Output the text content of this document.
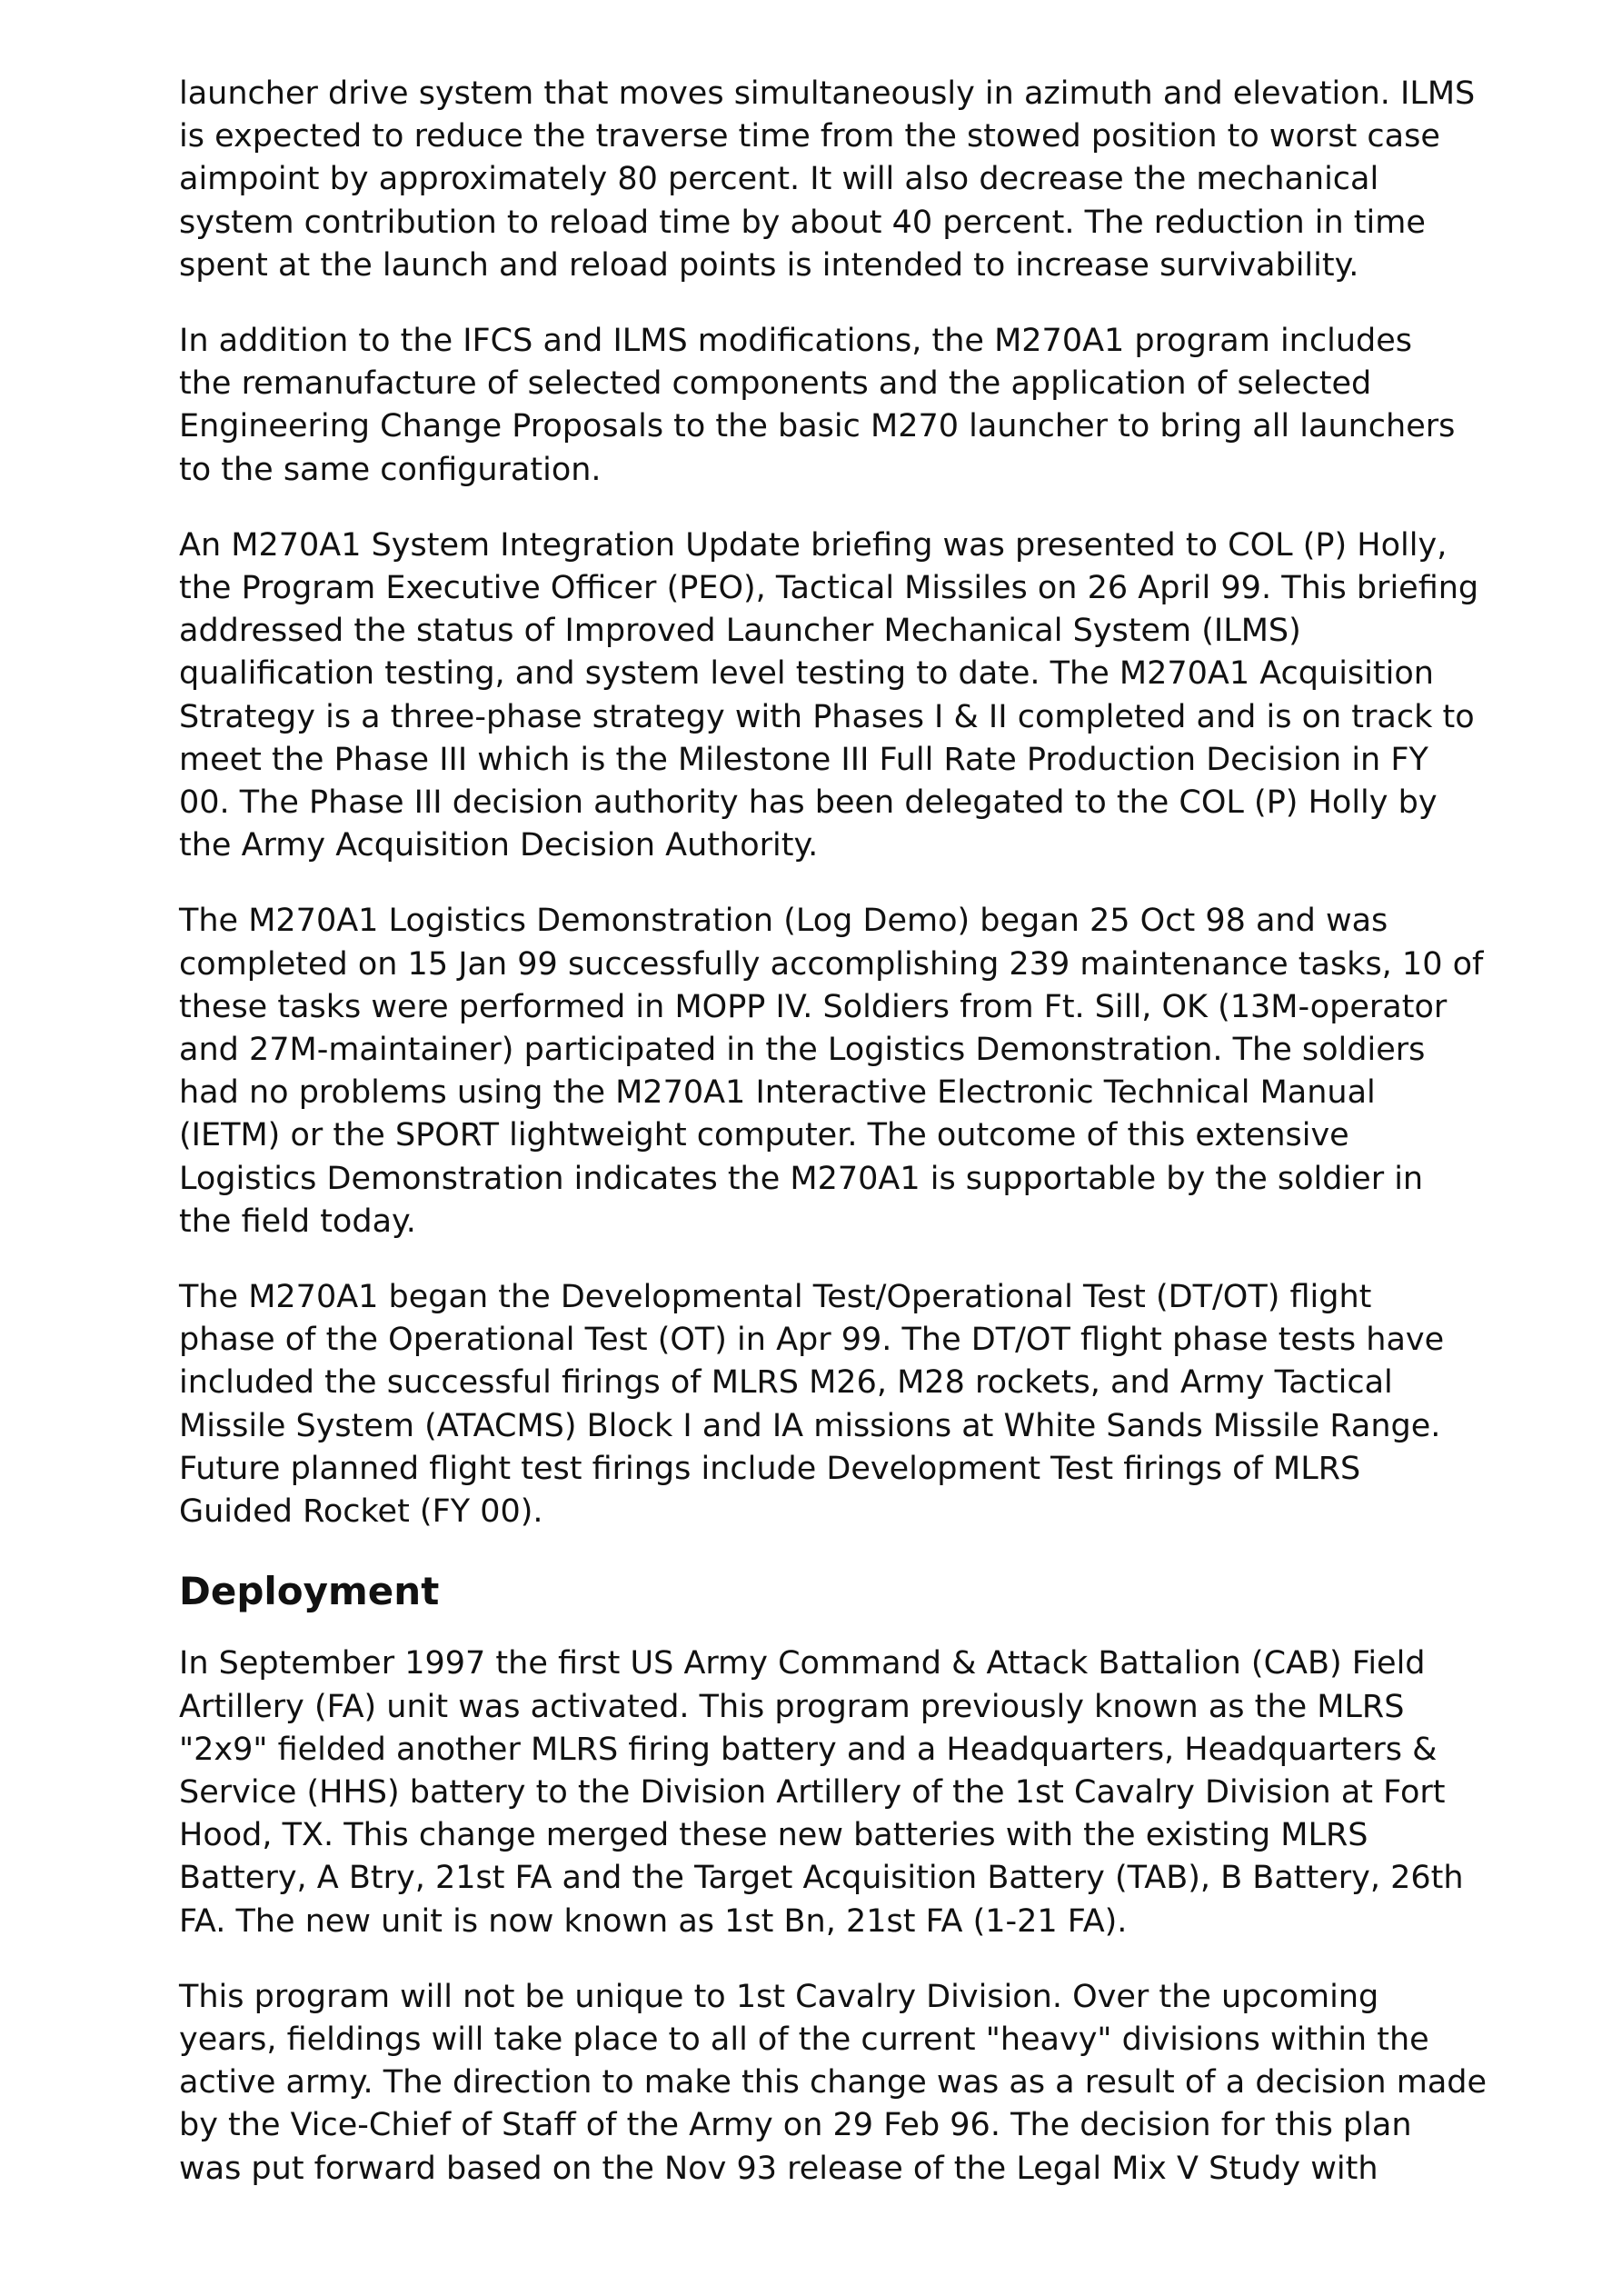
launcher drive system that moves simultaneously in azimuth and elevation. ILMS
is expected to reduce the traverse time from the stowed position to worst case
aimpoint by approximately 80 percent. It will also decrease the mechanical
system contribution to reload time by about 40 percent. The reduction in time
spent at the launch and reload points is intended to increase survivability.

In addition to the IFCS and ILMS modifications, the M270A1 program includes
the remanufacture of selected components and the application of selected
Engineering Change Proposals to the basic M270 launcher to bring all launchers
to the same configuration.

An M270A1 System Integration Update briefing was presented to COL (P) Holly,
the Program Executive Officer (PEO), Tactical Missiles on 26 April 99. This briefing
addressed the status of Improved Launcher Mechanical System (ILMS)
qualification testing, and system level testing to date. The M270A1 Acquisition
Strategy is a three-phase strategy with Phases I & II completed and is on track to
meet the Phase III which is the Milestone III Full Rate Production Decision in FY
00. The Phase III decision authority has been delegated to the COL (P) Holly by
the Army Acquisition Decision Authority.

The M270A1 Logistics Demonstration (Log Demo) began 25 Oct 98 and was
completed on 15 Jan 99 successfully accomplishing 239 maintenance tasks, 10 of
these tasks were performed in MOPP IV. Soldiers from Ft. Sill, OK (13M-operator
and 27M-maintainer) participated in the Logistics Demonstration. The soldiers
had no problems using the M270A1 Interactive Electronic Technical Manual
(IETM) or the SPORT lightweight computer. The outcome of this extensive
Logistics Demonstration indicates the M270A1 is supportable by the soldier in
the field today.

The M270A1 began the Developmental Test/Operational Test (DT/OT) flight
phase of the Operational Test (OT) in Apr 99. The DT/OT flight phase tests have
included the successful firings of MLRS M26, M28 rockets, and Army Tactical
Missile System (ATACMS) Block I and IA missions at White Sands Missile Range.
Future planned flight test firings include Development Test firings of MLRS
Guided Rocket (FY 00).

Deployment

In September 1997 the first US Army Command & Attack Battalion (CAB) Field
Artillery (FA) unit was activated. This program previously known as the MLRS
"2x9" fielded another MLRS firing battery and a Headquarters, Headquarters &
Service (HHS) battery to the Division Artillery of the 1st Cavalry Division at Fort
Hood, TX. This change merged these new batteries with the existing MLRS
Battery, A Btry, 21st FA and the Target Acquisition Battery (TAB), B Battery, 26th
FA. The new unit is now known as 1st Bn, 21st FA (1-21 FA).

This program will not be unique to 1st Cavalry Division. Over the upcoming
years, fieldings will take place to all of the current "heavy" divisions within the
active army. The direction to make this change was as a result of a decision made
by the Vice-Chief of Staff of the Army on 29 Feb 96. The decision for this plan
was put forward based on the Nov 93 release of the Legal Mix V Study with
